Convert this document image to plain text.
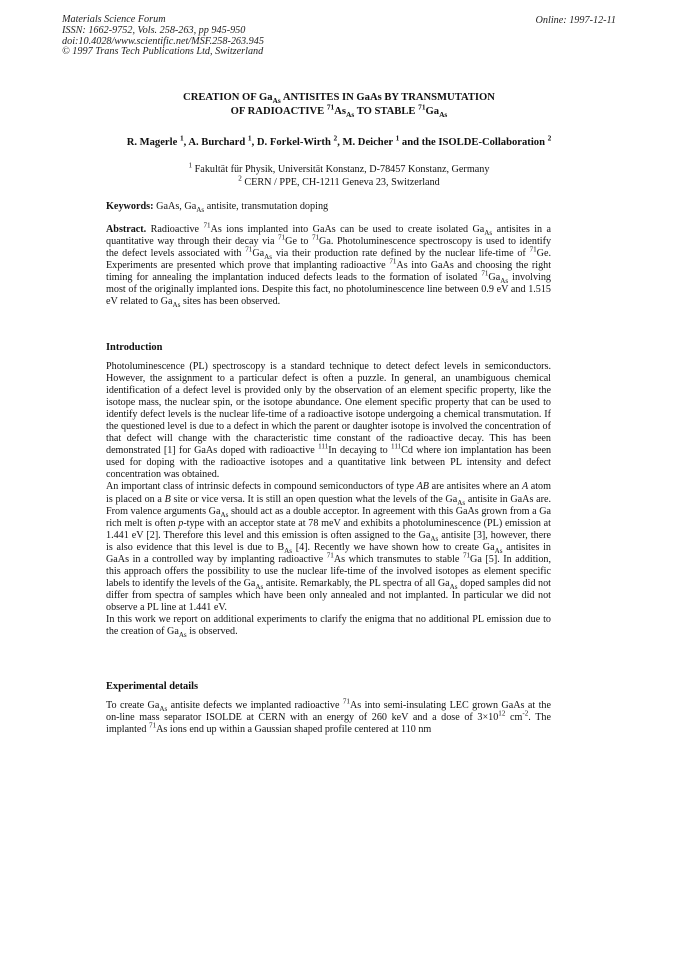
Materials Science Forum
ISSN: 1662-9752, Vols. 258-263, pp 945-950
doi:10.4028/www.scientific.net/MSF.258-263.945
© 1997 Trans Tech Publications Ltd, Switzerland
Online: 1997-12-11
CREATION OF $Ga_{As}$ ANTISITES IN GaAs BY TRANSMUTATION
OF RADIOACTIVE $^{71}As_{As}$ TO STABLE $^{71}Ga_{As}$
R. Magerle $^1$, A. Burchard $^1$, D. Forkel-Wirth $^2$, M. Deicher $^1$ and the ISOLDE-Collaboration $^2$
$^1$ Fakultät für Physik, Universität Konstanz, D-78457 Konstanz, Germany
$^2$ CERN / PPE, CH-1211 Geneva 23, Switzerland
Keywords: GaAs, $Ga_{As}$ antisite, transmutation doping

Abstract. Radioactive $^{71}$As ions implanted into GaAs can be used to create isolated $Ga_{As}$ antisites in a quantitative way through their decay via $^{71}$Ge to $^{71}$Ga. Photoluminescence spectroscopy is used to identify the defect levels associated with $^{71}Ga_{As}$ via their production rate defined by the nuclear life-time of $^{71}$Ge. Experiments are presented which prove that implanting radioactive $^{71}$As into GaAs and choosing the right timing for annealing the implantation induced defects leads to the formation of isolated $^{71}Ga_{As}$ involving most of the originally implanted ions. Despite this fact, no photoluminescence line between 0.9 eV and 1.515 eV related to $Ga_{As}$ sites has been observed.

Introduction

Photoluminescence (PL) spectroscopy is a standard technique to detect defect levels in semiconductors. However, the assignment to a particular defect is often a puzzle. In general, an unambiguous chemical identification of a defect level is provided only by the observation of an element specific property, like the isotope mass, the nuclear spin, or the isotope abundance. One element specific property that can be used to identify defect levels is the nuclear life-time of a radioactive isotope undergoing a chemical transmutation. If the questioned level is due to a defect in which the parent or daughter isotope is involved the concentration of that defect will change with the characteristic time constant of the radioactive decay. This has been demonstrated [1] for GaAs doped with radioactive $^{111}$In decaying to $^{111}$Cd where ion implantation has been used for doping with the radioactive isotopes and a quantitative link between PL intensity and defect concentration was obtained.

An important class of intrinsic defects in compound semiconductors of type AB are antisites where an A atom is placed on a B site or vice versa. It is still an open question what the levels of the $Ga_{As}$ antisite in GaAs are. From valence arguments $Ga_{As}$ should act as a double acceptor. In agreement with this GaAs grown from a Ga rich melt is often p-type with an acceptor state at 78 meV and exhibits a photoluminescence (PL) emission at 1.441 eV [2]. Therefore this level and this emission is often assigned to the $Ga_{As}$ antisite [3], however, there is also evidence that this level is due to $B_{As}$ [4]. Recently we have shown how to create $Ga_{As}$ antisites in GaAs in a controlled way by implanting radioactive $^{71}$As which transmutes to stable $^{71}$Ga [5]. In addition, this approach offers the possibility to use the nuclear life-time of the involved isotopes as element specific labels to identify the levels of the $Ga_{As}$ antisite. Remarkably, the PL spectra of all $Ga_{As}$ doped samples did not differ from spectra of samples which have been only annealed and not implanted. In particular we did not observe a PL line at 1.441 eV.

In this work we report on additional experiments to clarify the enigma that no additional PL emission due to the creation of $Ga_{As}$ is observed.

Experimental details

To create $Ga_{As}$ antisite defects we implanted radioactive $^{71}$As into semi-insulating LEC grown GaAs at the on-line mass separator ISOLDE at CERN with an energy of 260 keV and a dose of $3\times 10^{12}$ $cm^{-2}$. The implanted $^{71}$As ions end up within a Gaussian shaped profile centered at 110 nm
